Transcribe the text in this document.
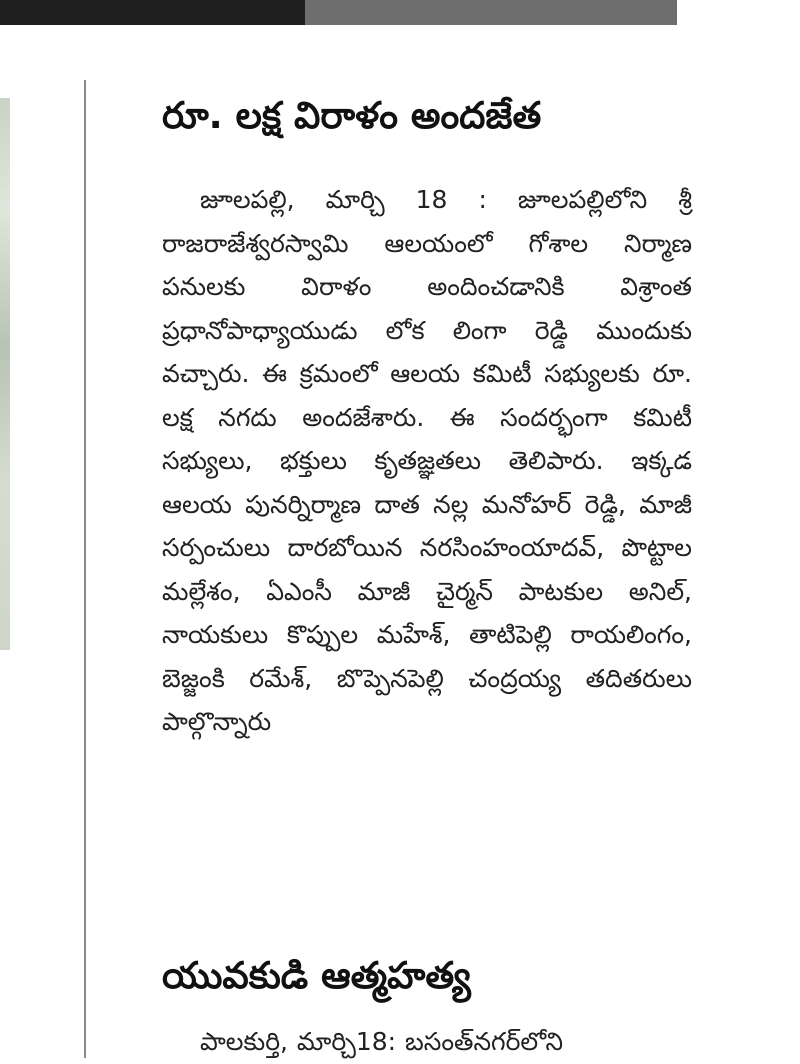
రూ. లక్ష విరాళం అందజేత

జూలపల్లి, మార్చి 18 : జూలపల్లిలోని శ్రీ రాజరాజేశ్వరస్వామి ఆలయంలో గోశాల నిర్మాణ పనులకు విరాళం అందించడానికి విశ్రాంత ప్రధానోపాధ్యాయుడు లోక లింగా రెడ్డి ముందుకు వచ్చారు. ఈ క్రమంలో ఆలయ కమిటీ సభ్యులకు రూ. లక్ష నగదు అందజేశారు. ఈ సందర్భంగా కమిటీ సభ్యులు, భక్తులు కృతజ్ఞతలు తెలిపారు. ఇక్కడ ఆలయ పునర్నిర్మాణ దాత నల్ల మనోహర్ రెడ్డి, మాజీ సర్పంచులు దారబోయిన నరసింహంయాదవ్, పొట్టాల మల్లేశం, ఏఎంసీ మాజీ చైర్మన్ పాటకుల అనిల్, నాయకులు కొప్పుల మహేశ్, తాటిపెల్లి రాయలింగం, బెజ్జంకి రమేశ్, బొప్పెనపెల్లి చంద్రయ్య తదితరులు పాల్గొన్నారు

యువకుడి ఆత్మహత్య

పాలకుర్తి, మార్చి18: బసంత్‌నగర్‌లోని
